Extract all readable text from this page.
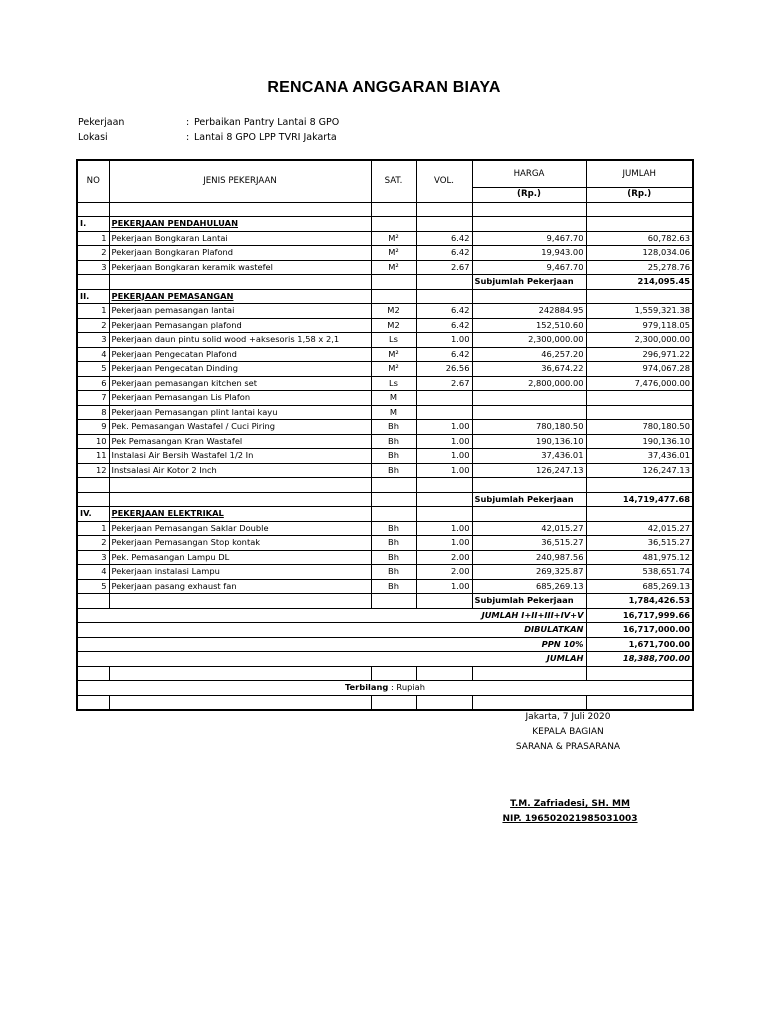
RENCANA ANGGARAN BIAYA
Pekerjaan	: Perbaikan Pantry Lantai 8 GPO
Lokasi	: Lantai 8 GPO LPP TVRI Jakarta
NO	JENIS PEKERJAAN	SAT.	VOL.	HARGA	JUMLAH
				(Rp.)	(Rp.)

I.	PEKERJAAN PENDAHULUAN				
1	Pekerjaan Bongkaran Lantai	M²	6.42	9,467.70	60,782.63
2	Pekerjaan Bongkaran Plafond	M²	6.42	19,943.00	128,034.06
3	Pekerjaan Bongkaran keramik wastefel	M²	2.67	9,467.70	25,278.76
				Subjumlah Pekerjaan	214,095.45
II.	PEKERJAAN PEMASANGAN				
1	Pekerjaan pemasangan lantai	M2	6.42	242884.95	1,559,321.38
2	Pekerjaan Pemasangan plafond	M2	6.42	152,510.60	979,118.05
3	Pekerjaan daun pintu solid wood +aksesoris 1,58 x 2,1	Ls	1.00	2,300,000.00	2,300,000.00
4	Pekerjaan Pengecatan Plafond	M²	6.42	46,257.20	296,971.22
5	Pekerjaan Pengecatan Dinding	M²	26.56	36,674.22	974,067.28
6	Pekerjaan pemasangan kitchen set	Ls	2.67	2,800,000.00	7,476,000.00
7	Pekerjaan Pemasangan Lis Plafon	M			
8	Pekerjaan Pemasangan plint lantai kayu	M			
9	Pek. Pemasangan Wastafel / Cuci Piring	Bh	1.00	780,180.50	780,180.50
10	Pek Pemasangan Kran Wastafel	Bh	1.00	190,136.10	190,136.10
11	Instalasi Air Bersih Wastafel 1/2 In	Bh	1.00	37,436.01	37,436.01
12	Instsalasi Air Kotor 2 Inch	Bh	1.00	126,247.13	126,247.13

				Subjumlah Pekerjaan	14,719,477.68
IV.	PEKERJAAN ELEKTRIKAL				
1	Pekerjaan Pemasangan Saklar Double	Bh	1.00	42,015.27	42,015.27
2	Pekerjaan Pemasangan Stop kontak	Bh	1.00	36,515.27	36,515.27
3	Pek. Pemasangan Lampu DL	Bh	2.00	240,987.56	481,975.12
4	Pekerjaan instalasi Lampu	Bh	2.00	269,325.87	538,651.74
5	Pekerjaan pasang exhaust fan	Bh	1.00	685,269.13	685,269.13
				Subjumlah Pekerjaan	1,784,426.53
JUMLAH I+II+III+IV+V					16,717,999.66
DIBULATKAN					16,717,000.00
PPN 10%					1,671,700.00
JUMLAH					18,388,700.00

Terbilang : Rupiah					

Jakarta, 7 Juli 2020
KEPALA BAGIAN
SARANA & PRASARANA
T.M. Zafriadesi, SH. MM
NIP. 196502021985031003
